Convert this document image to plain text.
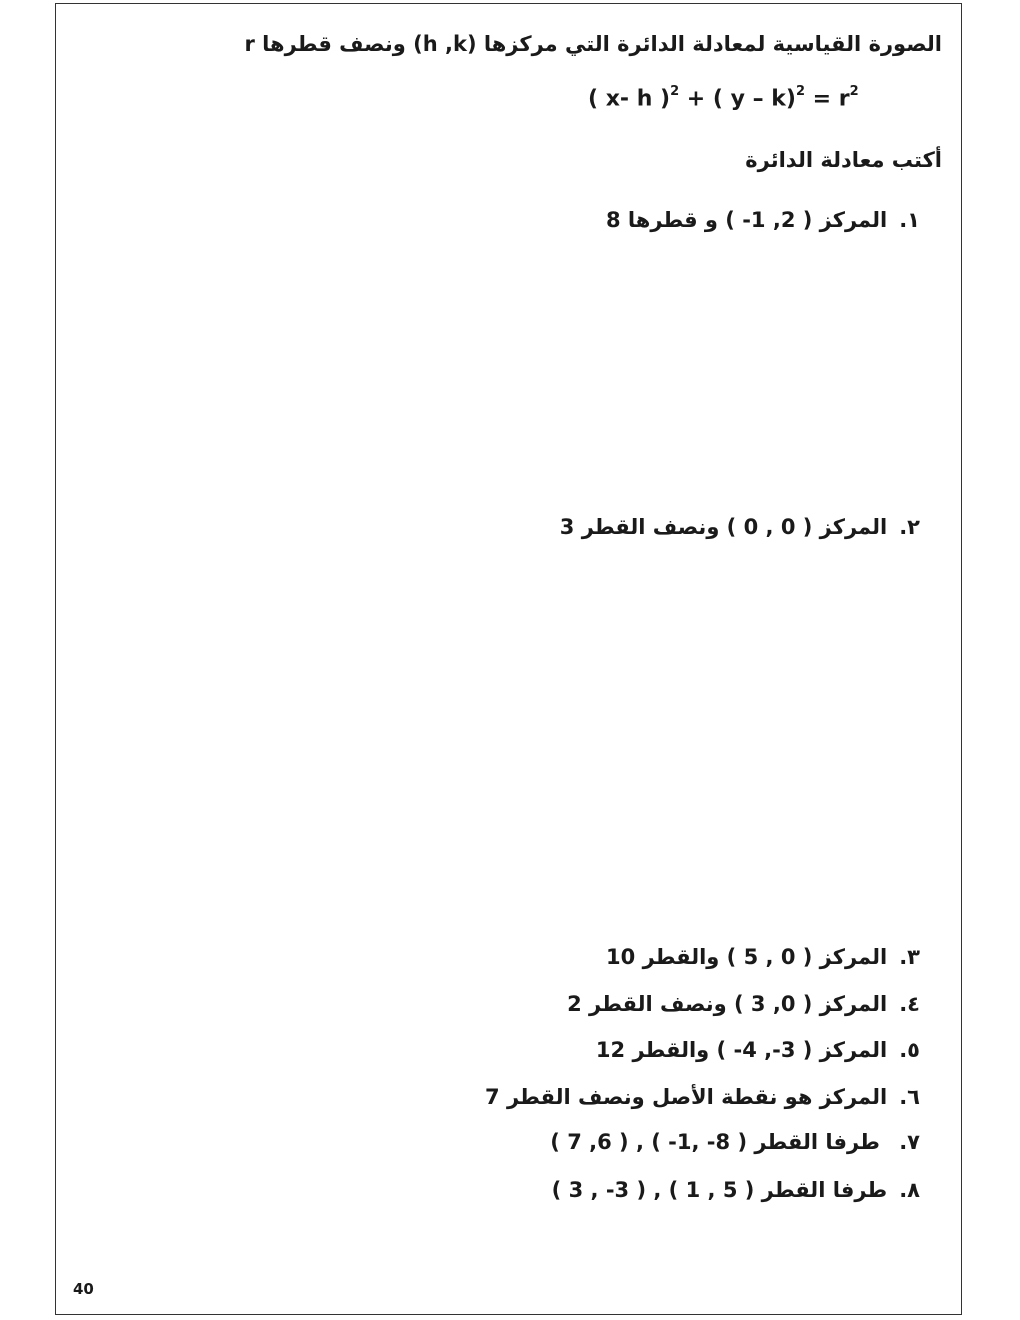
الصورة القياسية لمعادلة الدائرة التي مركزها (h ,k) ونصف قطرها r
( x- h )$^2$ + ( $y - k)^2 = r^2$
أكتب معادلة الدائرة
١.المركز ( 2, 1- ) و قطرها 8
٢.المركز ( 0 , 0 ) ونصف القطر 3
٣.المركز ( 0 , 5 ) والقطر 10
٤.المركز ( 0, 3 ) ونصف القطر 2
٥.المركز ( 3-, 4- ) والقطر 12
٦.المركز هو نقطة الأصل ونصف القطر 7
٧. طرفا القطر ( 8- ,1- ) , ( 6, 7 )
٨.طرفا القطر ( 5 , 1 ) , ( 3- , 3 )
40
